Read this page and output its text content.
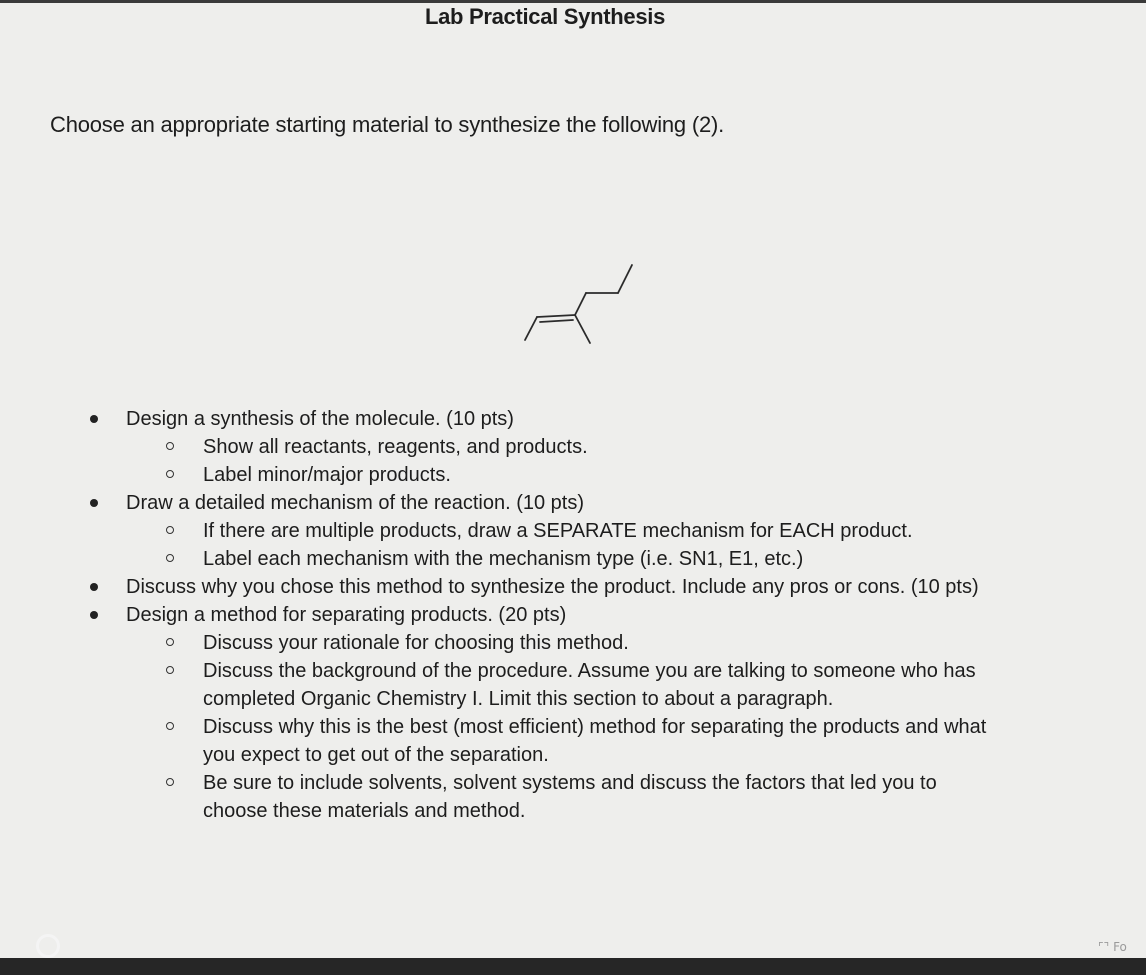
Lab Practical Synthesis
Choose an appropriate starting material to synthesize the following (2).
Design a synthesis of the molecule. (10 pts)
Show all reactants, reagents, and products.
Label minor/major products.
Draw a detailed mechanism of the reaction. (10 pts)
If there are multiple products, draw a SEPARATE mechanism for EACH product.
Label each mechanism with the mechanism type (i.e. SN1, E1, etc.)
Discuss why you chose this method to synthesize the product. Include any pros or cons. (10 pts)
Design a method for separating products. (20 pts)
Discuss your rationale for choosing this method.
Discuss the background of the procedure. Assume you are talking to someone who has completed Organic Chemistry I. Limit this section to about a paragraph.
Discuss why this is the best (most efficient) method for separating the products and what you expect to get out of the separation.
Be sure to include solvents, solvent systems and discuss the factors that led you to choose these materials and method.
⌜⌝ Fo
